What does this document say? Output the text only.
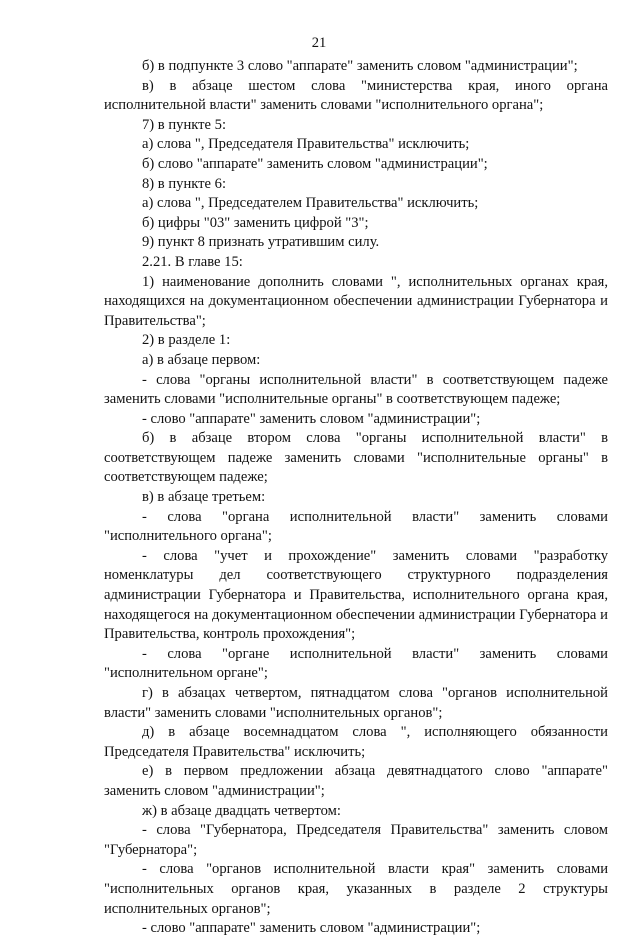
21

б) в подпункте 3 слово "аппарате" заменить словом "администрации";

в) в абзаце шестом слова "министерства края, иного органа исполнительной власти" заменить словами "исполнительного органа";

7) в пункте 5:

а) слова ", Председателя Правительства" исключить;

б) слово "аппарате" заменить словом "администрации";

8) в пункте 6:

а) слова ", Председателем Правительства" исключить;

б) цифры "03" заменить цифрой "3";

9) пункт 8 признать утратившим силу.

2.21. В главе 15:

1) наименование дополнить словами ", исполнительных органах края, находящихся на документационном обеспечении администрации Губернатора и Правительства";

2) в разделе 1:

а) в абзаце первом:

- слова "органы исполнительной власти" в соответствующем падеже заменить словами "исполнительные органы" в соответствующем падеже;

- слово "аппарате" заменить словом "администрации";

б) в абзаце втором слова "органы исполнительной власти" в соответствующем падеже заменить словами "исполнительные органы" в соответствующем падеже;

в) в абзаце третьем:

- слова "органа исполнительной власти" заменить словами "исполнительного органа";

- слова "учет и прохождение" заменить словами "разработку номенклатуры дел соответствующего структурного подразделения администрации Губернатора и Правительства, исполнительного органа края, находящегося на документационном обеспечении администрации Губернатора и Правительства, контроль прохождения";

- слова "органе исполнительной власти" заменить словами "исполнительном органе";

г) в абзацах четвертом, пятнадцатом слова "органов исполнительной власти" заменить словами "исполнительных органов";

д) в абзаце восемнадцатом слова ", исполняющего обязанности Председателя Правительства" исключить;

е) в первом предложении абзаца девятнадцатого слово "аппарате" заменить словом "администрации";

ж) в абзаце двадцать четвертом:

- слова "Губернатора, Председателя Правительства" заменить словом "Губернатора";

- слова "органов исполнительной власти края" заменить словами "исполнительных органов края, указанных в разделе 2 структуры исполнительных органов";

- слово "аппарате" заменить словом "администрации";
